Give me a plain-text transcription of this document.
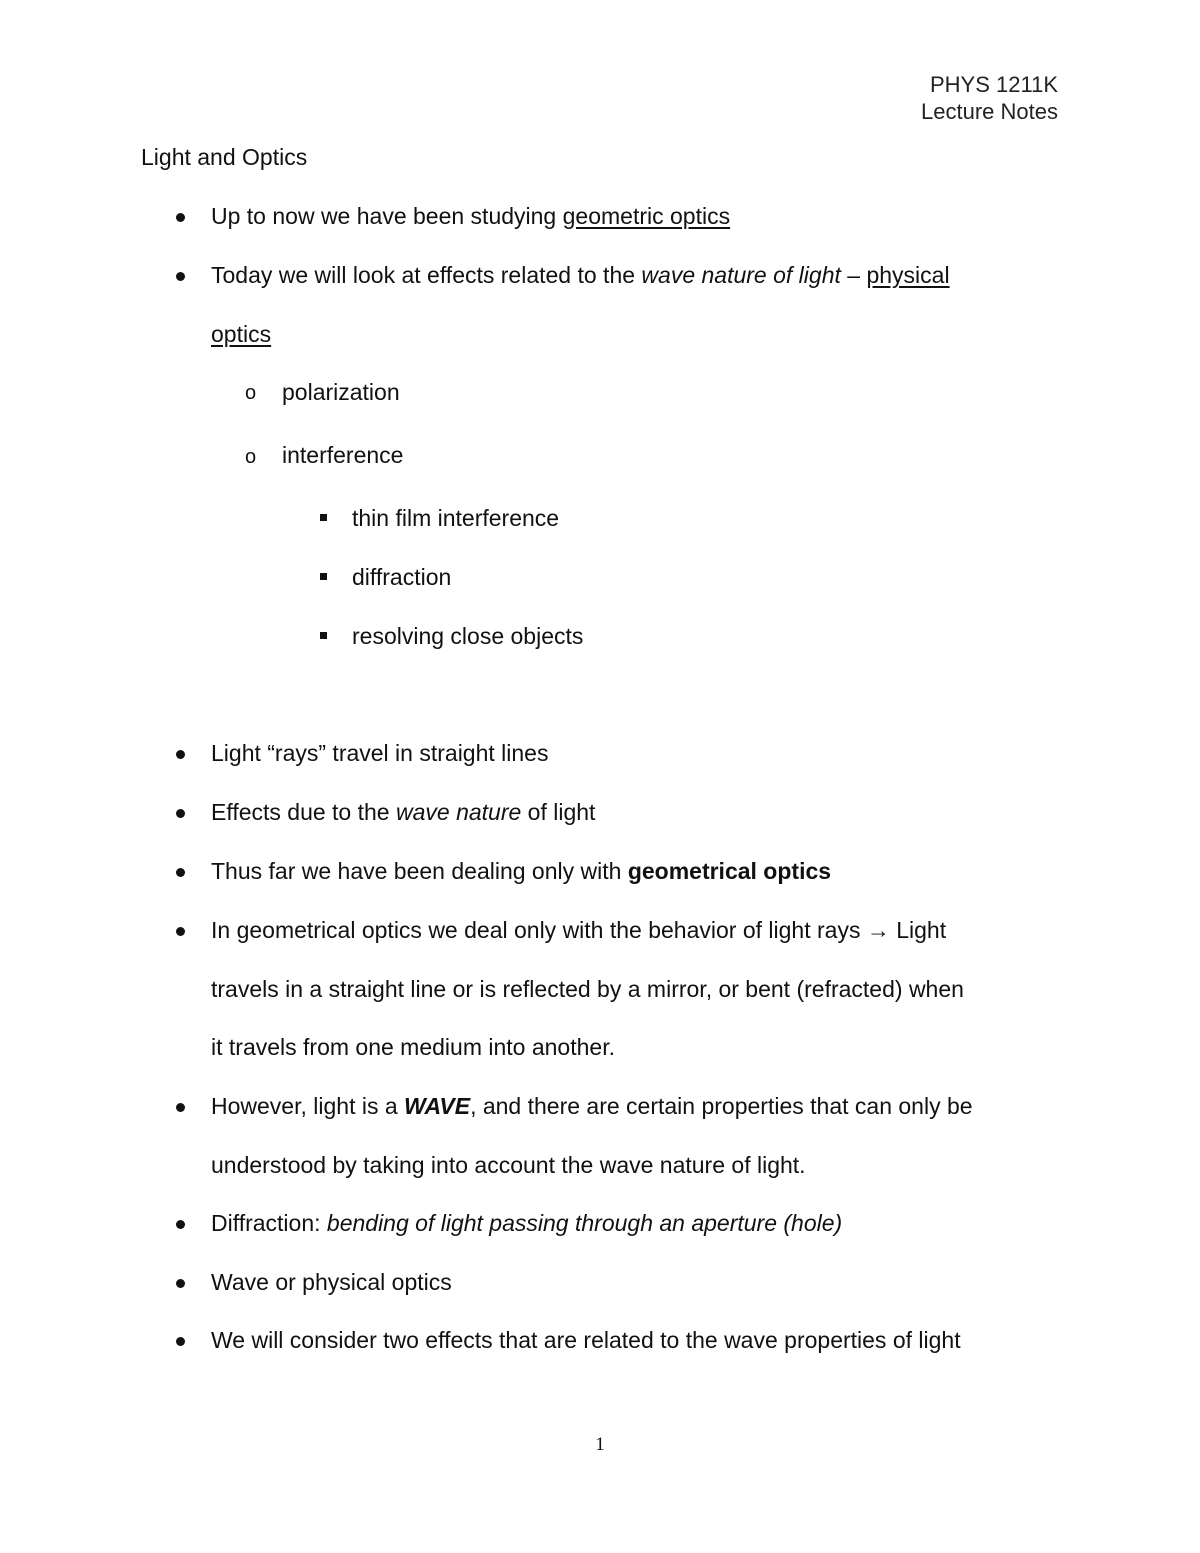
PHYS 1211K
Lecture Notes
Light and Optics
Up to now we have been studying geometric optics
Today we will look at effects related to the wave nature of light – physical
optics
o polarization
o interference
thin film interference
diffraction
resolving close objects
Light “rays” travel in straight lines
Effects due to the wave nature of light
Thus far we have been dealing only with geometrical optics
In geometrical optics we deal only with the behavior of light rays → Light
travels in a straight line or is reflected by a mirror, or bent (refracted) when
it travels from one medium into another.
However, light is a WAVE, and there are certain properties that can only be
understood by taking into account the wave nature of light.
Diffraction: bending of light passing through an aperture (hole)
Wave or physical optics
We will consider two effects that are related to the wave properties of light
1
